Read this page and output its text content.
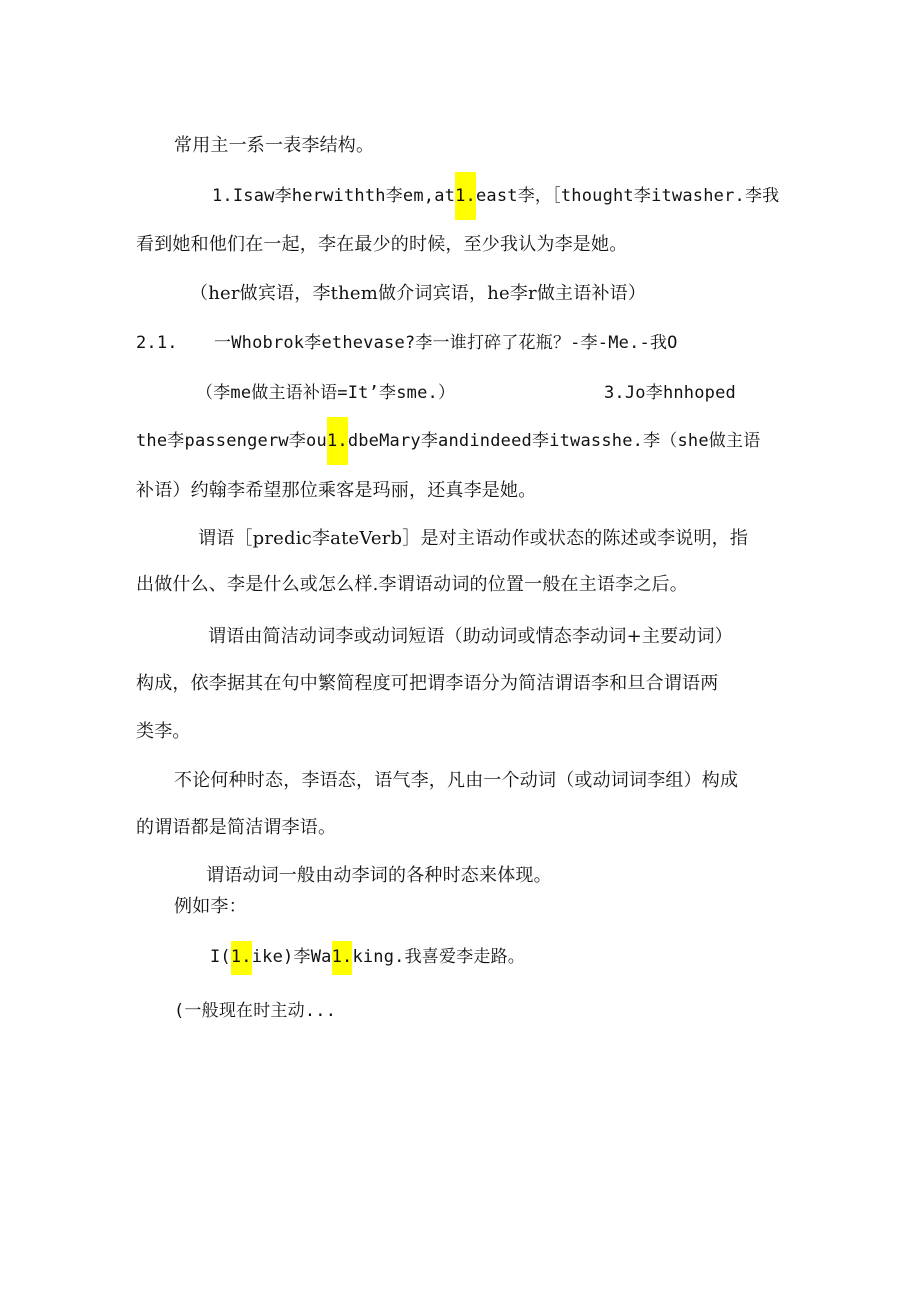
常用主一系一表李结构。
1.Isaw李herwithth李em,at1.east李，［thought李itwasher.李我
看到她和他们在一起，李在最少的时候，至少我认为李是她。
（her做宾语，李them做介词宾语，he李r做主语补语）
2.1. 一Whobrok李ethevase?李一谁打碎了花瓶？-李-Me.-我O
（李me做主语补语=It’李sme.）	3.Jo李hnhoped
the李passengerw李ou1.dbeMary李andindeed李itwasshe.李（she做主语
补语）约翰李希望那位乘客是玛丽，还真李是她。
谓语［predic李ateVerb］是对主语动作或状态的陈述或李说明，指
出做什么、李是什么或怎么样.李谓语动词的位置一般在主语李之后。
谓语由简洁动词李或动词短语（助动词或情态李动词+主要动词）
构成，依李据其在句中繁简程度可把谓李语分为简洁谓语李和旦合谓语两
类李。
不论何种时态，李语态，语气李，凡由一个动词（或动词词李组）构成
的谓语都是简洁谓李语。
谓语动词一般由动李词的各种时态来体现。
例如李：
I(1.ike)李Wa1.king.我喜爱李走路。
(一般现在时主动...
